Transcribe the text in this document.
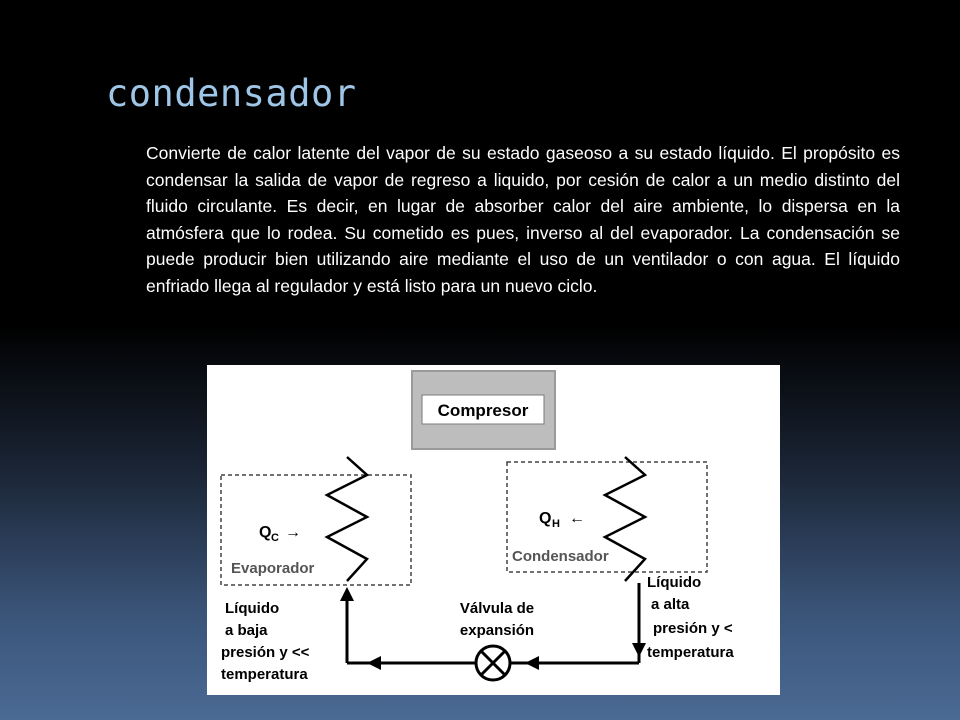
condensador
Convierte de calor latente del vapor de su estado gaseoso a su estado líquido. El propósito es condensar la salida de vapor de regreso a liquido, por cesión de calor a un medio distinto del fluido circulante. Es decir, en lugar de absorber calor del aire ambiente, lo dispersa en la atmósfera que lo rodea. Su cometido es pues, inverso al del evaporador. La condensación se puede producir bien utilizando aire mediante el uso de un ventilador o con agua. El líquido enfriado llega al regulador y está listo para un nuevo ciclo.
Compresor
Q C →
Q H ←
Evaporador
Condensador
Válvula de
expansión
Líquido
a baja
presión y <<
temperatura
Líquido
a alta
presión y <
temperatura
